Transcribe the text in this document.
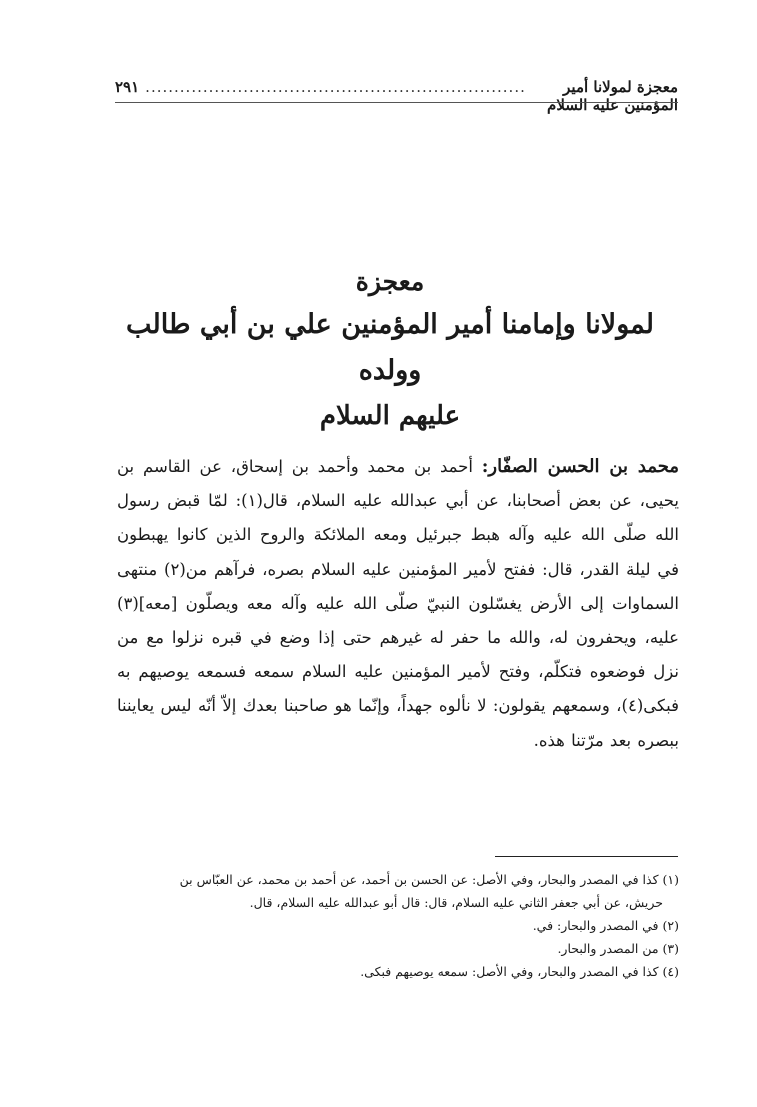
معجزة لمولانا أمير المؤمنين عليه السلام
..................................................................
٢٩١
معجزة
لمولانا وإمامنا أمير المؤمنين علي بن أبي طالب وولده
عليهم السلام
محمد بن الحسن الصفّار: أحمد بن محمد وأحمد بن إسحاق، عن القاسم بن يحيى، عن بعض أصحابنا، عن أبي عبدالله عليه السلام، قال(١): لمّا قبض رسول الله صلّى الله عليه وآله هبط جبرئيل ومعه الملائكة والروح الذين كانوا يهبطون في ليلة القدر، قال: ففتح لأمير المؤمنين عليه السلام بصره، فرآهم من(٢) منتهى السماوات إلى الأرض يغسّلون النبيّ صلّى الله عليه وآله معه ويصلّون [معه](٣) عليه، ويحفرون له، والله ما حفر له غيرهم حتى إذا وضع في قبره نزلوا مع من نزل فوضعوه فتكلّم، وفتح لأمير المؤمنين عليه السلام سمعه فسمعه يوصيهم به فبكى(٤)، وسمعهم يقولون: لا نألوه جهداً، وإنّما هو صاحبنا بعدك إلاّ أنّه ليس يعايننا ببصره بعد مرّتنا هذه.

(١) كذا في المصدر والبحار، وفي الأصل: عن الحسن بن أحمد، عن أحمد بن محمد، عن العبّاس بن

حريش، عن أبي جعفر الثاني عليه السلام، قال: قال أبو عبدالله عليه السلام، قال.

(٢) في المصدر والبحار: في.

(٣) من المصدر والبحار.

(٤) كذا في المصدر والبحار، وفي الأصل: سمعه يوصيهم فبكى.
